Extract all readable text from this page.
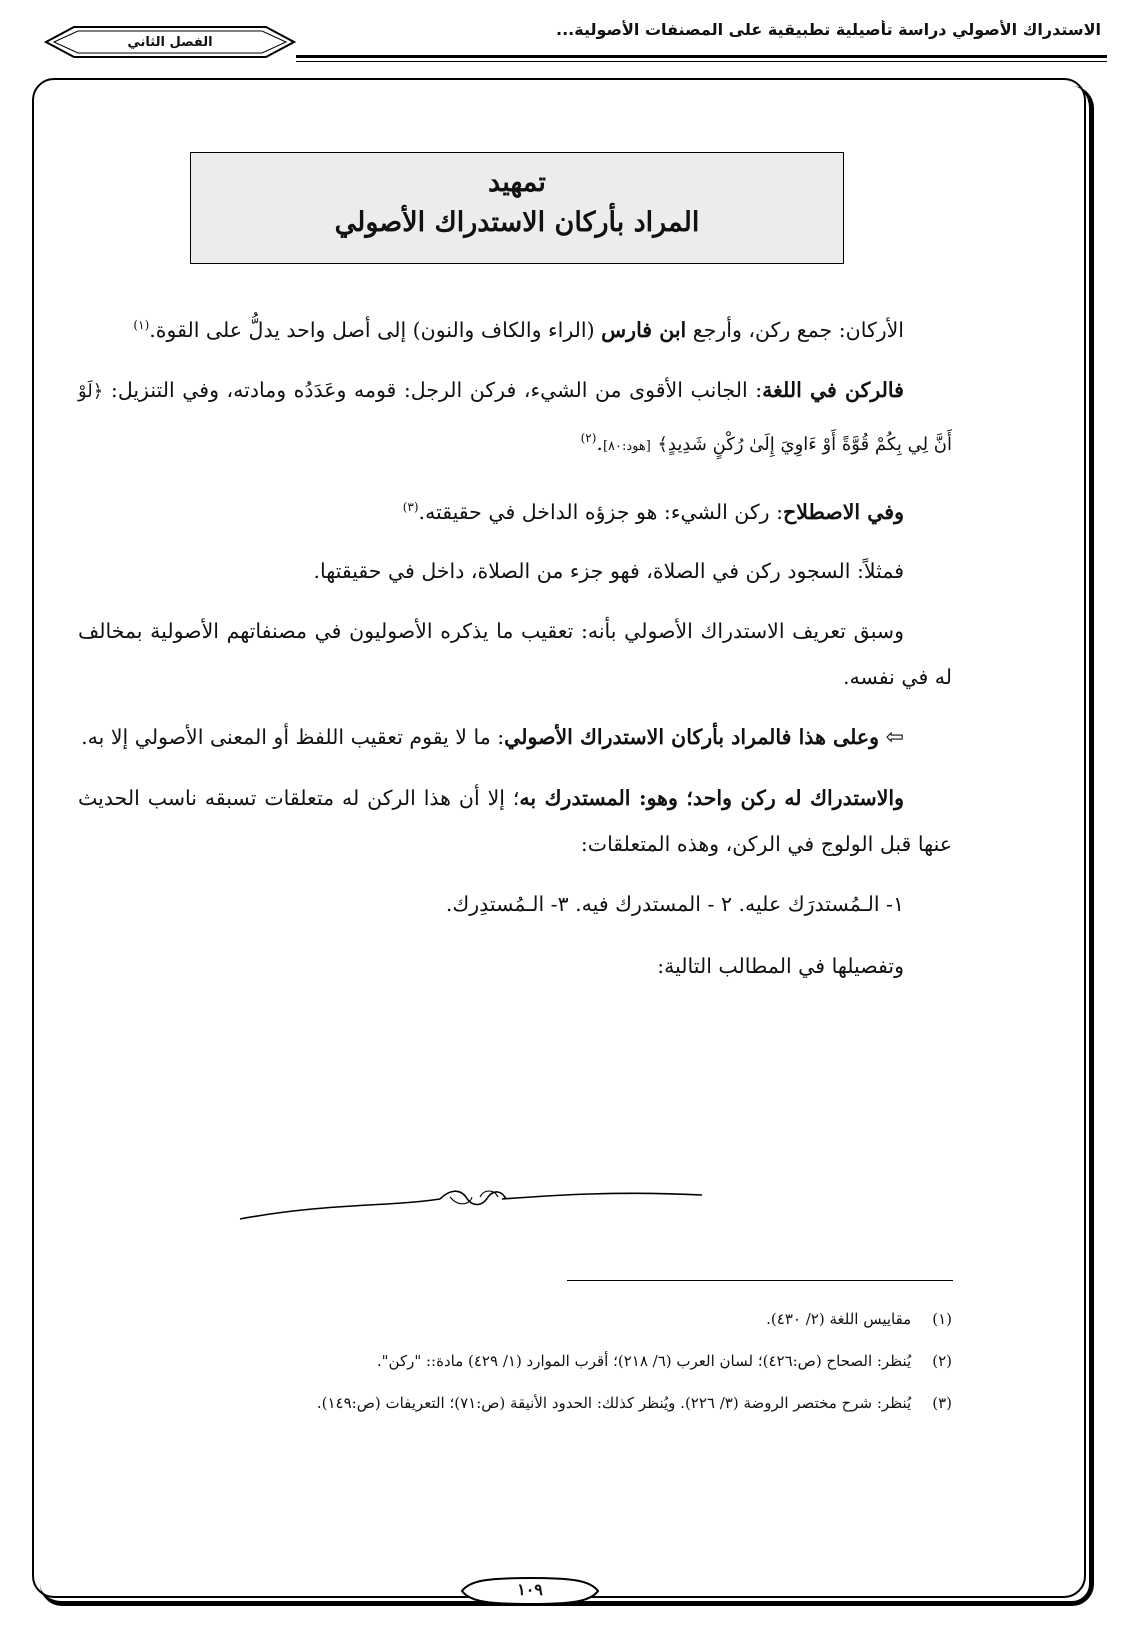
الاستدراك الأصولي دراسة تأصيلية تطبيقية على المصنفات الأصولية...
الفصل الثاني
تمهيد
المراد بأركان الاستدراك الأصولي

الأركان: جمع ركن، وأرجع ابن فارس (الراء والكاف والنون) إلى أصل واحد يدلُّ على القوة.$^{(١)}$

فالركن في اللغة: الجانب الأقوى من الشيء، فركن الرجل: قومه وعَدَدُه ومادته، وفي التنزيل: ﴿لَوْ أَنَّ لِي بِكُمْ قُوَّةً أَوْ ءَاوِيَ إِلَىٰ رُكْنٍ شَدِيدٍ﴾ [هود:٨٠].$^{(٢)}$

وفي الاصطلاح: ركن الشيء: هو جزؤه الداخل في حقيقته.$^{(٣)}$

فمثلاً: السجود ركن في الصلاة، فهو جزء من الصلاة، داخل في حقيقتها.

وسبق تعريف الاستدراك الأصولي بأنه: تعقيب ما يذكره الأصوليون في مصنفاتهم الأصولية بمخالف له في نفسه.

⇦ وعلى هذا فالمراد بأركان الاستدراك الأصولي: ما لا يقوم تعقيب اللفظ أو المعنى الأصولي إلا به.

والاستدراك له ركن واحد؛ وهو: المستدرك به؛ إلا أن هذا الركن له متعلقات تسبقه ناسب الحديث عنها قبل الولوج في الركن، وهذه المتعلقات:

١- الـمُستدرَك عليه. ٢ - المستدرك فيه. ٣- الـمُستدِرك.

وتفصيلها في المطالب التالية:

(١) مقاييس اللغة (٢/ ٤٣٠).
(٢) يُنظر: الصحاح (ص:٤٢٦)؛ لسان العرب (٦/ ٢١٨)؛ أقرب الموارد (١/ ٤٢٩) مادة:: "ركن".
(٣) يُنظر: شرح مختصر الروضة (٣/ ٢٢٦). ويُنظر كذلك: الحدود الأنيقة (ص:٧١)؛ التعريفات (ص:١٤٩).
١٠٩
